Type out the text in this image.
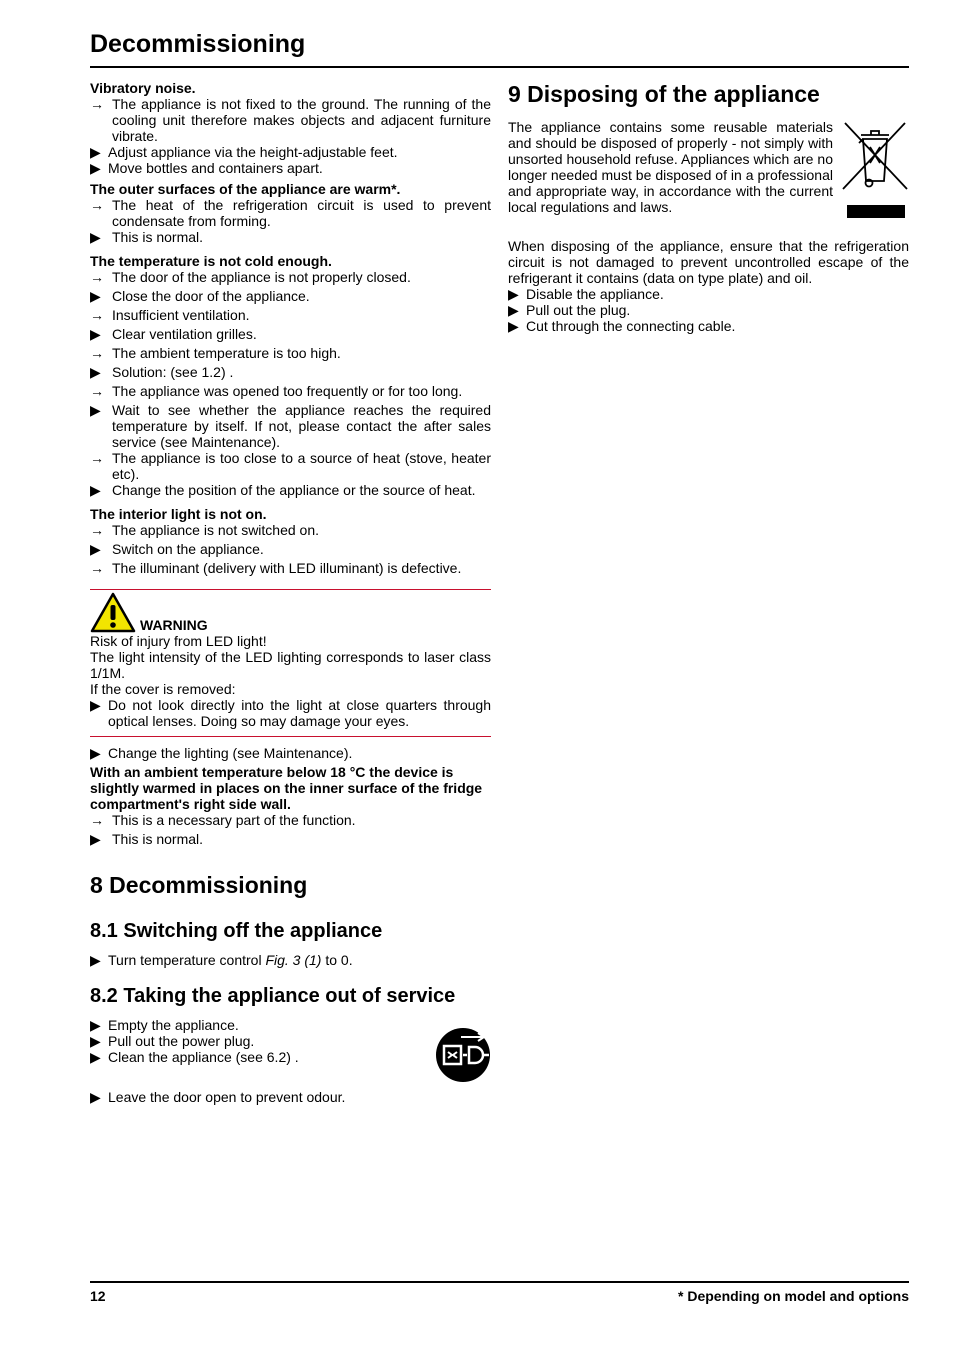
Decommissioning

Vibratory noise.

→ The appliance is not fixed to the ground. The running of the cooling unit therefore makes objects and adjacent furniture vibrate.
▶ Adjust appliance via the height-adjustable feet.
▶ Move bottles and containers apart.

The outer surfaces of the appliance are warm*.

→ The heat of the refrigeration circuit is used to prevent condensate from forming.
▶ This is normal.

The temperature is not cold enough.

→ The door of the appliance is not properly closed.
▶ Close the door of the appliance.
→ Insufficient ventilation.
▶ Clear ventilation grilles.
→ The ambient temperature is too high.
▶ Solution: (see 1.2) .
→ The appliance was opened too frequently or for too long.
▶ Wait to see whether the appliance reaches the required temperature by itself. If not, please contact the after sales service (see Maintenance).
→ The appliance is too close to a source of heat (stove, heater etc).
▶ Change the position of the appliance or the source of heat.

The interior light is not on.

→ The appliance is not switched on.
▶ Switch on the appliance.
→ The illuminant (delivery with LED illuminant) is defective.
WARNING
Risk of injury from LED light!
The light intensity of the LED lighting corresponds to laser class 1/1M.
If the cover is removed:
▶ Do not look directly into the light at close quarters through optical lenses. Doing so may damage your eyes.
▶ Change the lighting (see Maintenance).

With an ambient temperature below 18 °C the device is slightly warmed in places on the inner surface of the fridge compartment's right side wall.

→ This is a necessary part of the function.
▶ This is normal.

8 Decommissioning

8.1 Switching off the appliance

▶ Turn temperature control Fig. 3 (1) to 0.

8.2 Taking the appliance out of service

▶ Empty the appliance.
▶ Pull out the power plug.
▶ Clean the appliance (see 6.2) .
▶ Leave the door open to prevent odour.

9 Disposing of the appliance

The appliance contains some reusable materials and should be disposed of properly - not simply with unsorted household refuse. Appliances which are no longer needed must be disposed of in a professional and appropriate way, in accordance with the current local regulations and laws.
When disposing of the appliance, ensure that the refrigeration circuit is not damaged to prevent uncontrolled escape of the refrigerant it contains (data on type plate) and oil.
▶ Disable the appliance.
▶ Pull out the plug.
▶ Cut through the connecting cable.
12	* Depending on model and options
